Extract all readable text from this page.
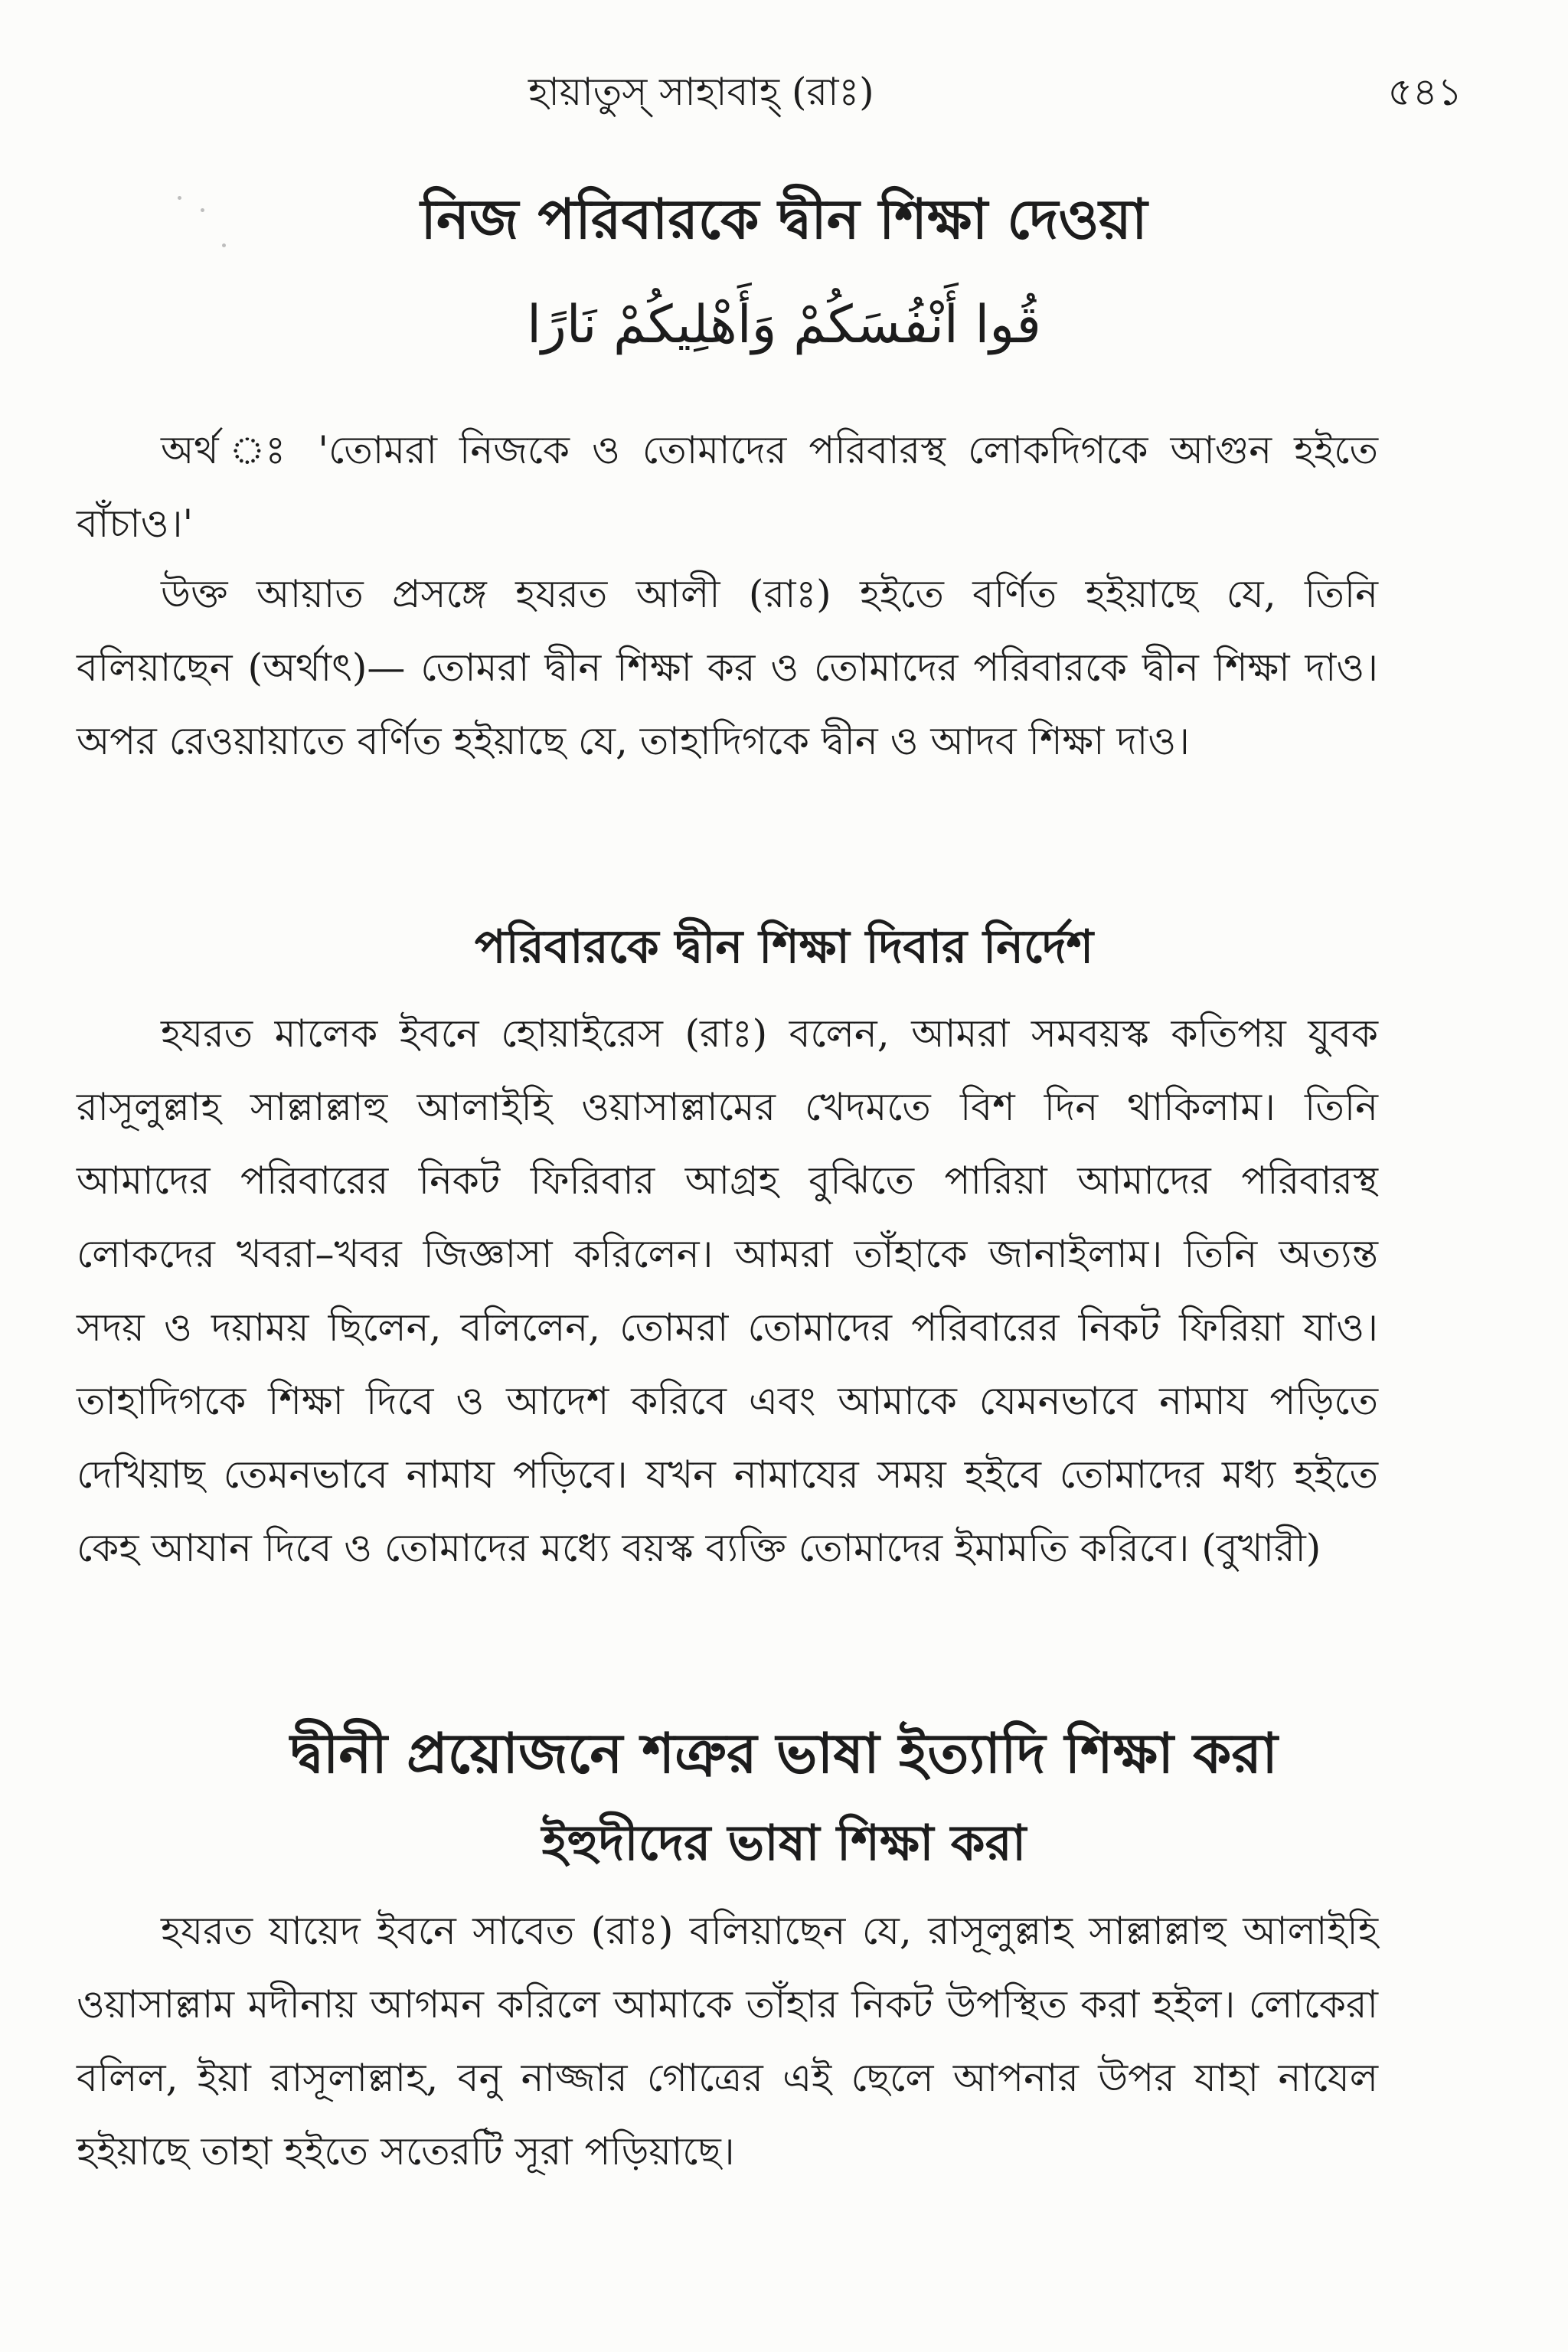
হায়াতুস্ সাহাবাহ্ (রাঃ)	৫৪১
নিজ পরিবারকে দ্বীন শিক্ষা দেওয়া
قُوا أَنْفُسَكُمْ وَأَهْلِيكُمْ نَارًا

অর্থ ঃ 'তোমরা নিজকে ও তোমাদের পরিবারস্থ লোকদিগকে আগুন হইতে বাঁচাও।'

উক্ত আয়াত প্রসঙ্গে হযরত আলী (রাঃ) হইতে বর্ণিত হইয়াছে যে, তিনি বলিয়াছেন (অর্থাৎ)— তোমরা দ্বীন শিক্ষা কর ও তোমাদের পরিবারকে দ্বীন শিক্ষা দাও। অপর রেওয়ায়াতে বর্ণিত হইয়াছে যে, তাহাদিগকে দ্বীন ও আদব শিক্ষা দাও।

পরিবারকে দ্বীন শিক্ষা দিবার নির্দেশ

হযরত মালেক ইবনে হোয়াইরেস (রাঃ) বলেন, আমরা সমবয়স্ক কতিপয় যুবক রাসূলুল্লাহ সাল্লাল্লাহু আলাইহি ওয়াসাল্লামের খেদমতে বিশ দিন থাকিলাম। তিনি আমাদের পরিবারের নিকট ফিরিবার আগ্রহ বুঝিতে পারিয়া আমাদের পরিবারস্থ লোকদের খবরা–খবর জিজ্ঞাসা করিলেন। আমরা তাঁহাকে জানাইলাম। তিনি অত্যন্ত সদয় ও দয়াময় ছিলেন, বলিলেন, তোমরা তোমাদের পরিবারের নিকট ফিরিয়া যাও। তাহাদিগকে শিক্ষা দিবে ও আদেশ করিবে এবং আমাকে যেমনভাবে নামায পড়িতে দেখিয়াছ তেমনভাবে নামায পড়িবে। যখন নামাযের সময় হইবে তোমাদের মধ্য হইতে কেহ আযান দিবে ও তোমাদের মধ্যে বয়স্ক ব্যক্তি তোমাদের ইমামতি করিবে। (বুখারী)

দ্বীনী প্রয়োজনে শত্রুর ভাষা ইত্যাদি শিক্ষা করা
ইহুদীদের ভাষা শিক্ষা করা

হযরত যায়েদ ইবনে সাবেত (রাঃ) বলিয়াছেন যে, রাসূলুল্লাহ সাল্লাল্লাহু আলাইহি ওয়াসাল্লাম মদীনায় আগমন করিলে আমাকে তাঁহার নিকট উপস্থিত করা হইল। লোকেরা বলিল, ইয়া রাসূলাল্লাহ, বনু নাজ্জার গোত্রের এই ছেলে আপনার উপর যাহা নাযেল হইয়াছে তাহা হইতে সতেরটি সূরা পড়িয়াছে।
